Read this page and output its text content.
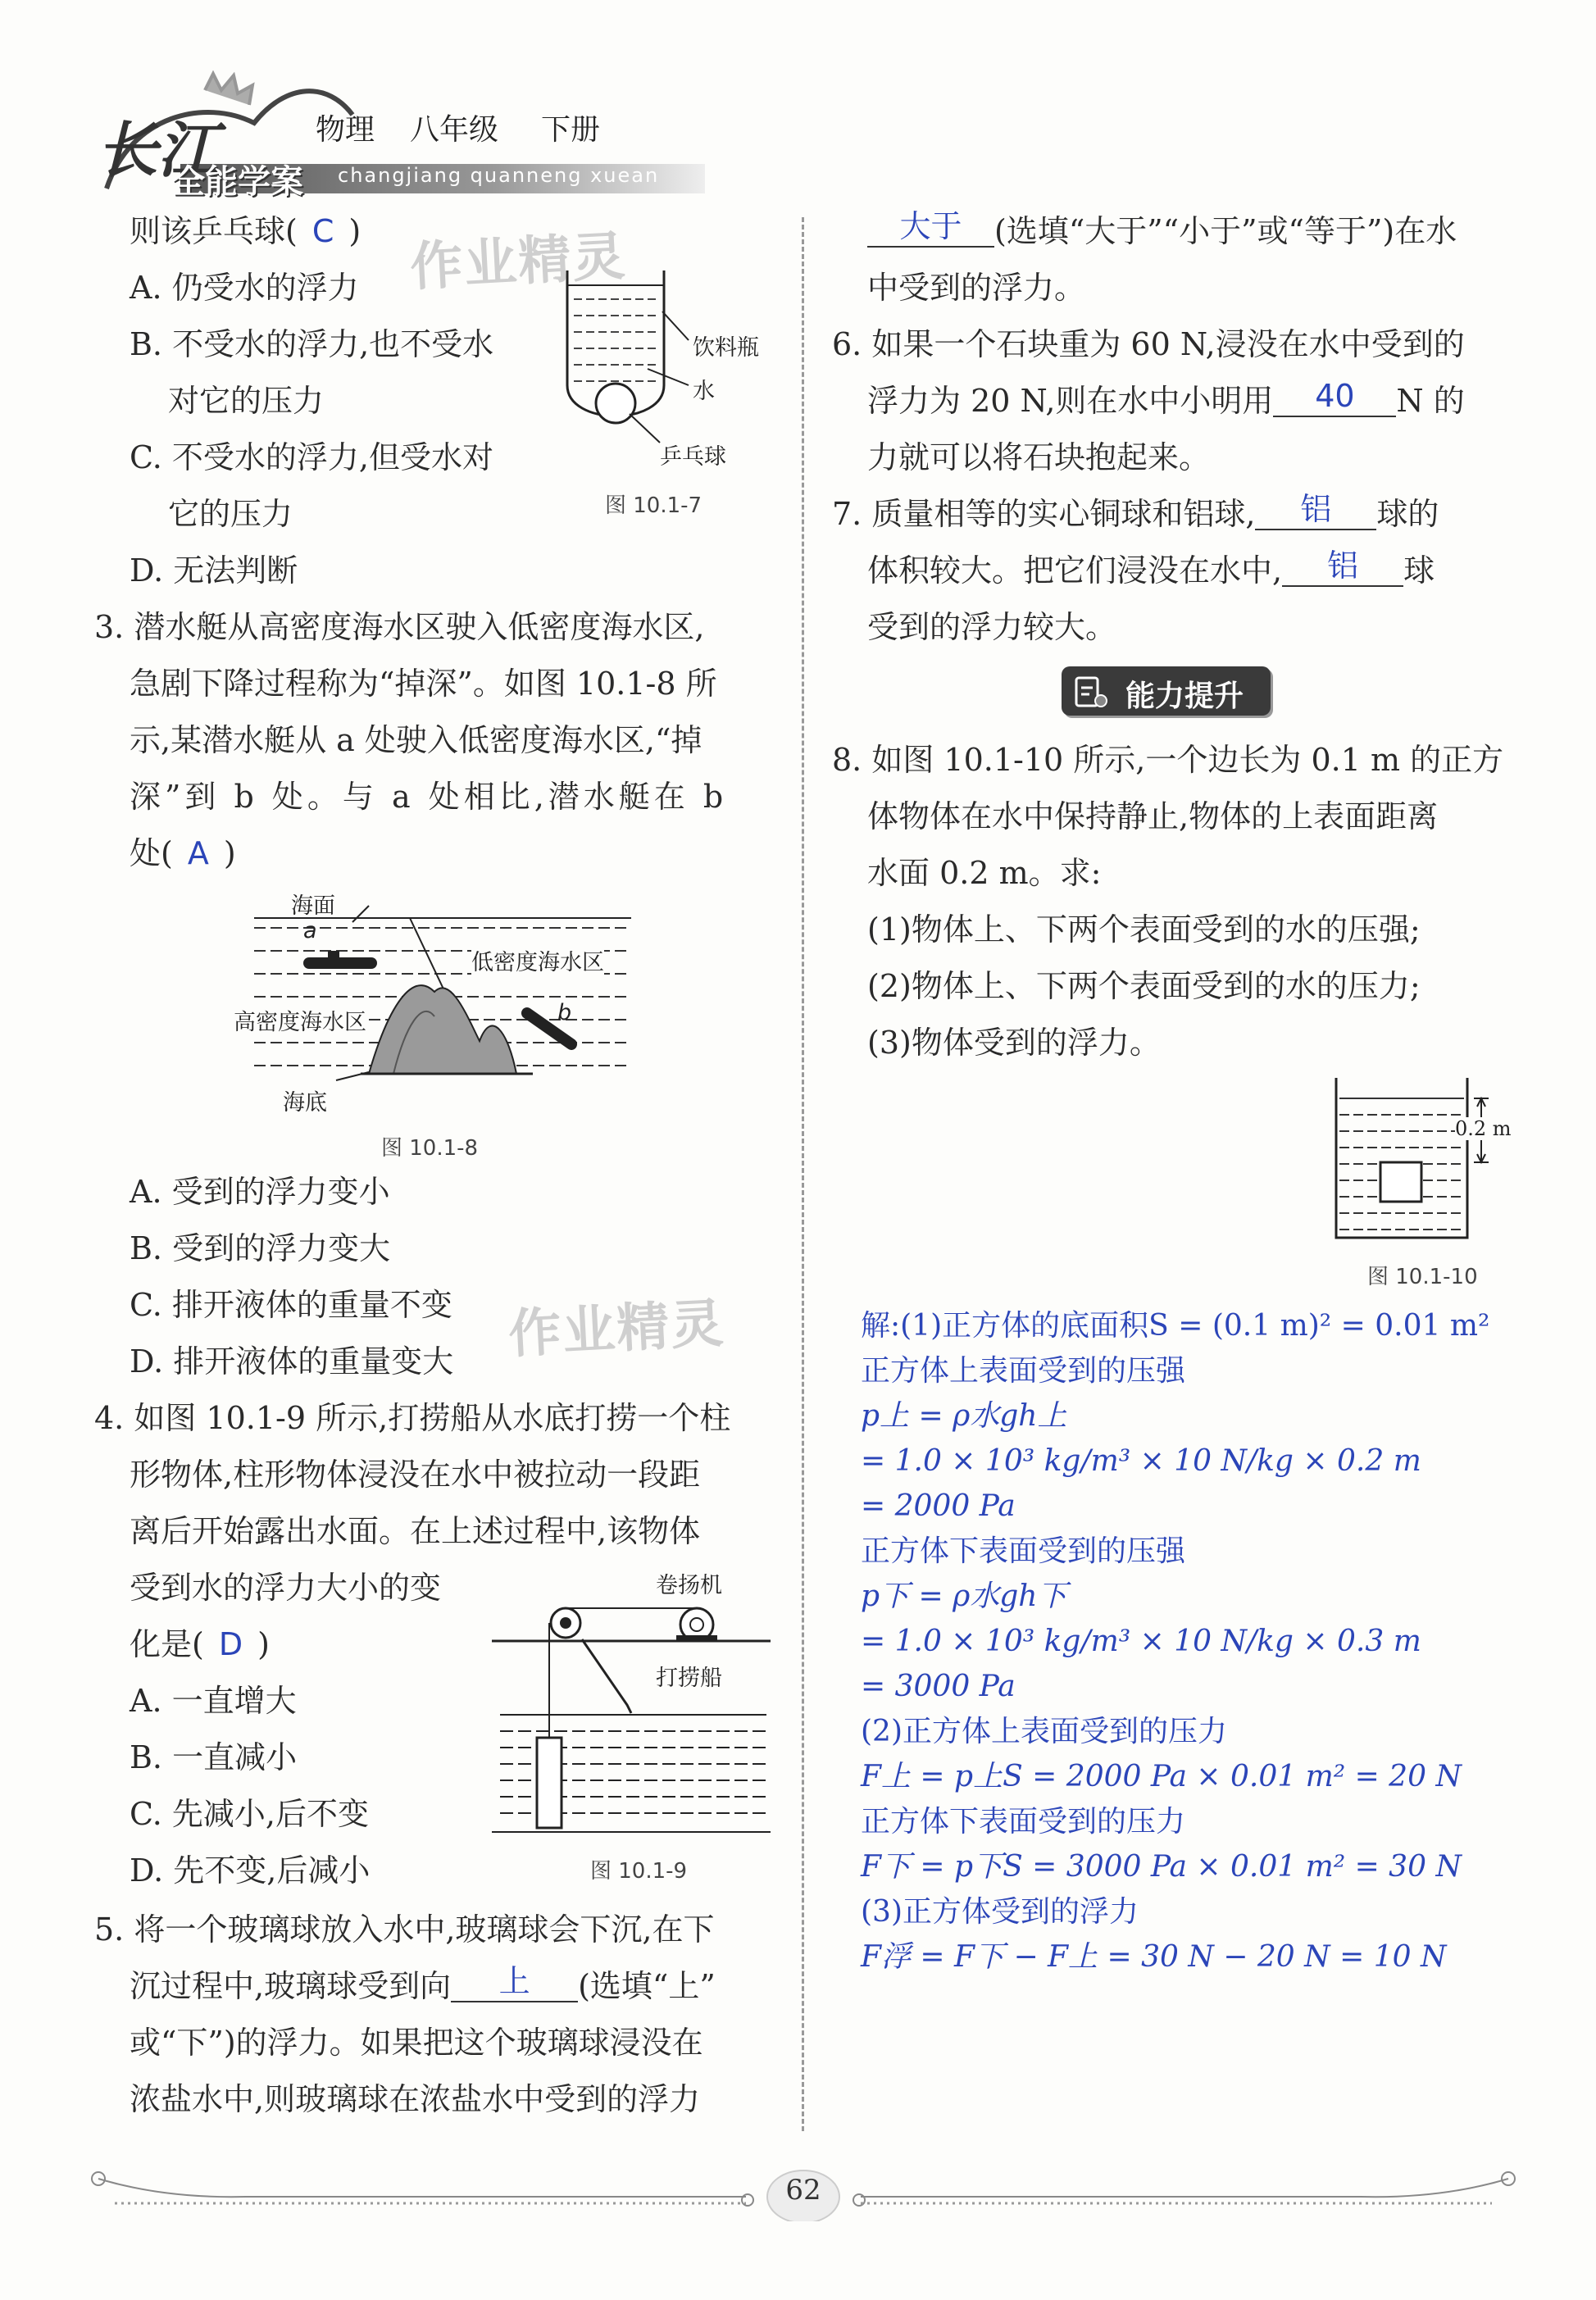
长江	物理 八年级 下册
全能学案 changjiang quanneng xuean
作业精灵
作业精灵
则该乒乓球( C )
A. 仍受水的浮力
B. 不受水的浮力,也不受水
对它的压力
C. 不受水的浮力,但受水对
它的压力
D. 无法判断
饮料瓶
水
乒乓球
图 10.1-7
3. 潜水艇从高密度海水区驶入低密度海水区,
急剧下降过程称为“掉深”。如图 10.1-8 所
示,某潜水艇从 a 处驶入低密度海水区,“掉
深”到 b 处。与 a 处相比,潜水艇在 b
处( A )
海面
a
低密度海水区
高密度海水区	b
海底
图 10.1-8
A. 受到的浮力变小
B. 受到的浮力变大
C. 排开液体的重量不变
D. 排开液体的重量变大
4. 如图 10.1-9 所示,打捞船从水底打捞一个柱
形物体,柱形物体浸没在水中被拉动一段距
离后开始露出水面。在上述过程中,该物体
受到水的浮力大小的变
化是( D )
A. 一直增大
B. 一直减小
C. 先减小,后不变
D. 先不变,后减小
卷扬机
打捞船
图 10.1-9
5. 将一个玻璃球放入水中,玻璃球会下沉,在下
沉过程中,玻璃球受到向 上 (选填“上”
或“下”)的浮力。如果把这个玻璃球浸没在
浓盐水中,则玻璃球在浓盐水中受到的浮力
大于 (选填“大于”“小于”或“等于”)在水
中受到的浮力。
6. 如果一个石块重为 60 N,浸没在水中受到的
浮力为 20 N,则在水中小明用 40 N 的
力就可以将石块抱起来。
7. 质量相等的实心铜球和铝球, 铝 球的
体积较大。把它们浸没在水中, 铝 球
受到的浮力较大。
能力提升
8. 如图 10.1-10 所示,一个边长为 0.1 m 的正方
体物体在水中保持静止,物体的上表面距离
水面 0.2 m。求:
(1)物体上、下两个表面受到的水的压强;
(2)物体上、下两个表面受到的水的压力;
(3)物体受到的浮力。
0.2 m
图 10.1-10
解:(1)正方体的底面积S = (0.1 m)² = 0.01 m²
正方体上表面受到的压强
p上 = ρ水gh上
= 1.0 × 10³ kg/m³ × 10 N/kg × 0.2 m
= 2000 Pa
正方体下表面受到的压强
p下 = ρ水gh下
= 1.0 × 10³ kg/m³ × 10 N/kg × 0.3 m
= 3000 Pa
(2)正方体上表面受到的压力
F上 = p上S = 2000 Pa × 0.01 m² = 20 N
正方体下表面受到的压力
F下 = p下S = 3000 Pa × 0.01 m² = 30 N
(3)正方体受到的浮力
F浮 = F下 − F上 = 30 N − 20 N = 10 N
62
